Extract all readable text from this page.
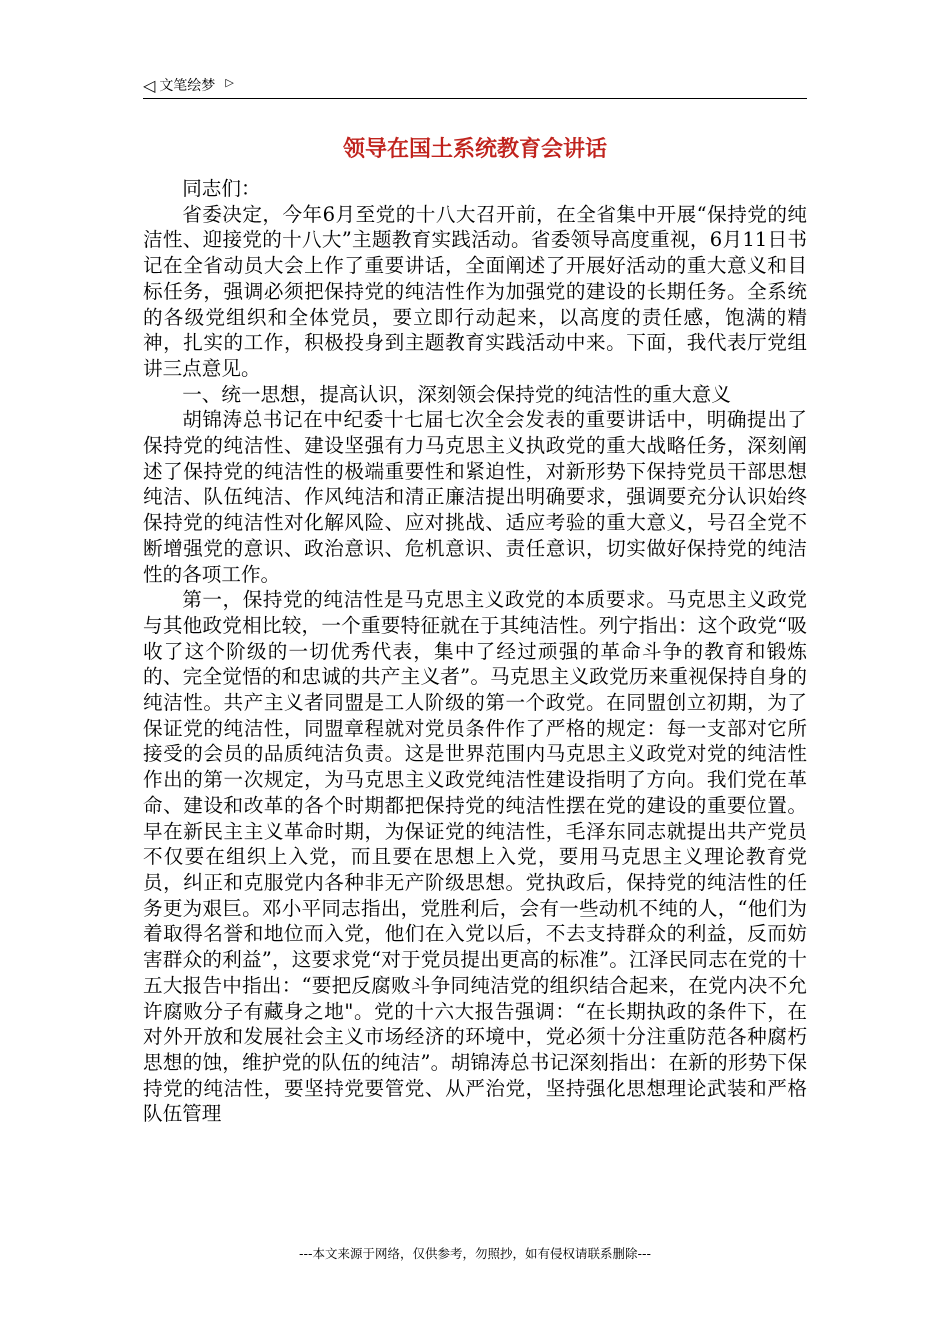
◁ 文笔绘梦 ▷
领导在国土系统教育会讲话

同志们：

省委决定，今年6月至党的十八大召开前，在全省集中开展“保持党的纯洁性、迎接党的十八大”主题教育实践活动。省委领导高度重视，6月11日书记在全省动员大会上作了重要讲话，全面阐述了开展好活动的重大意义和目标任务，强调必须把保持党的纯洁性作为加强党的建设的长期任务。全系统的各级党组织和全体党员，要立即行动起来，以高度的责任感，饱满的精神，扎实的工作，积极投身到主题教育实践活动中来。下面，我代表厅党组讲三点意见。

一、统一思想，提高认识，深刻领会保持党的纯洁性的重大意义

胡锦涛总书记在中纪委十七届七次全会发表的重要讲话中，明确提出了保持党的纯洁性、建设坚强有力马克思主义执政党的重大战略任务，深刻阐述了保持党的纯洁性的极端重要性和紧迫性，对新形势下保持党员干部思想纯洁、队伍纯洁、作风纯洁和清正廉洁提出明确要求，强调要充分认识始终保持党的纯洁性对化解风险、应对挑战、适应考验的重大意义，号召全党不断增强党的意识、政治意识、危机意识、责任意识，切实做好保持党的纯洁性的各项工作。

第一，保持党的纯洁性是马克思主义政党的本质要求。马克思主义政党与其他政党相比较，一个重要特征就在于其纯洁性。列宁指出：这个政党“吸收了这个阶级的一切优秀代表，集中了经过顽强的革命斗争的教育和锻炼的、完全觉悟的和忠诚的共产主义者”。马克思主义政党历来重视保持自身的纯洁性。共产主义者同盟是工人阶级的第一个政党。在同盟创立初期，为了保证党的纯洁性，同盟章程就对党员条件作了严格的规定：每一支部对它所接受的会员的品质纯洁负责。这是世界范围内马克思主义政党对党的纯洁性作出的第一次规定，为马克思主义政党纯洁性建设指明了方向。我们党在革命、建设和改革的各个时期都把保持党的纯洁性摆在党的建设的重要位置。早在新民主主义革命时期，为保证党的纯洁性，毛泽东同志就提出共产党员不仅要在组织上入党，而且要在思想上入党，要用马克思主义理论教育党员，纠正和克服党内各种非无产阶级思想。党执政后，保持党的纯洁性的任务更为艰巨。邓小平同志指出，党胜利后，会有一些动机不纯的人，“他们为着取得名誉和地位而入党，他们在入党以后，不去支持群众的利益，反而妨害群众的利益”，这要求党“对于党员提出更高的标准”。江泽民同志在党的十五大报告中指出：“要把反腐败斗争同纯洁党的组织结合起来，在党内决不允许腐败分子有藏身之地"。党的十六大报告强调：“在长期执政的条件下，在对外开放和发展社会主义市场经济的环境中，党必须十分注重防范各种腐朽思想的蚀，维护党的队伍的纯洁”。胡锦涛总书记深刻指出：在新的形势下保持党的纯洁性，要坚持党要管党、从严治党，坚持强化思想理论武装和严格队伍管理

---本文来源于网络，仅供参考，勿照抄，如有侵权请联系删除---
